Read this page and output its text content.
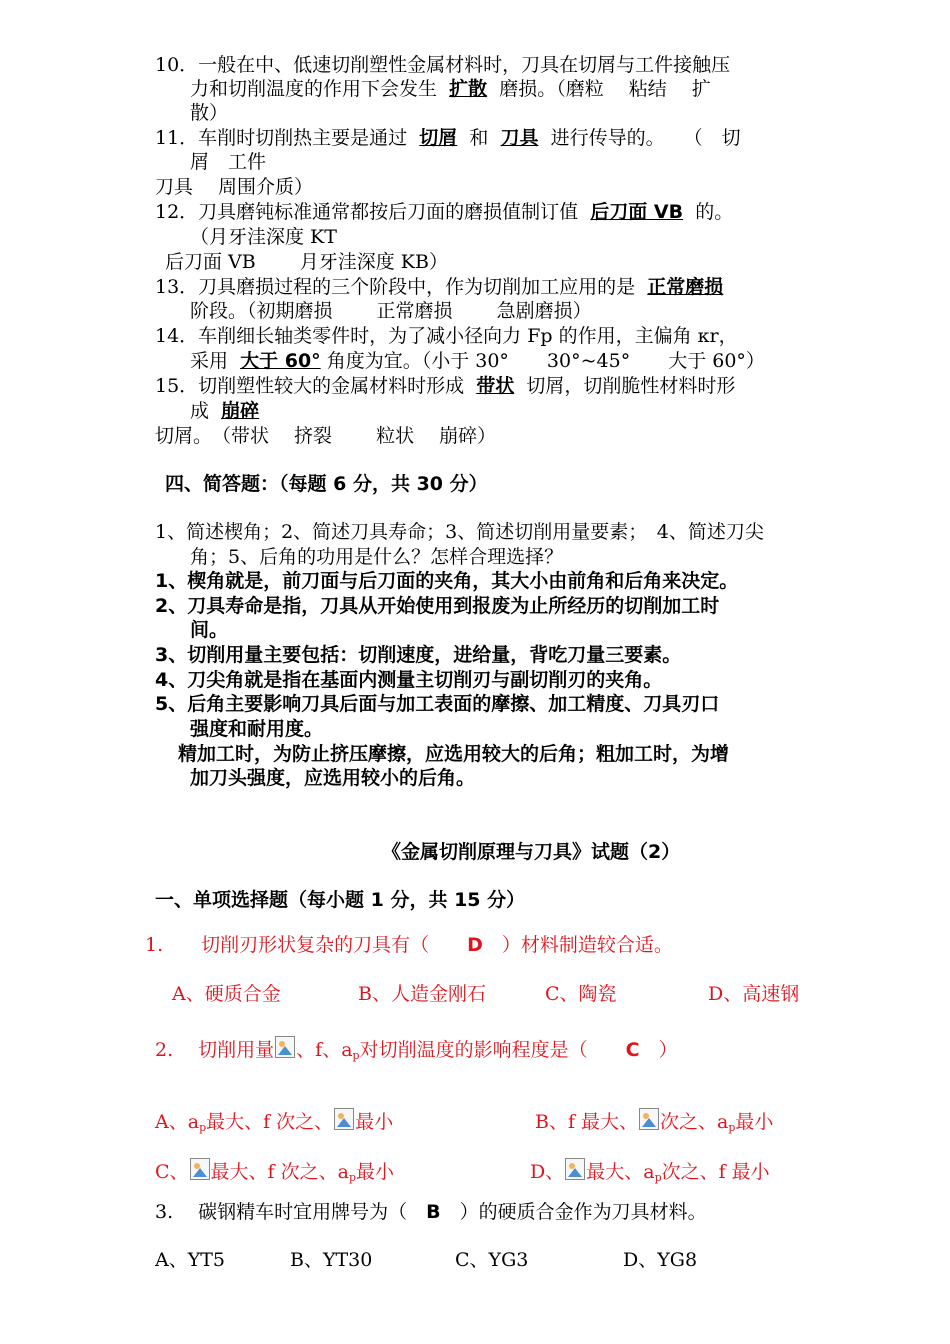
10．一般在中、低速切削塑性金属材料时，刀具在切屑与工件接触压
力和切削温度的作用下会发生 扩散 磨损。（磨粒　 粘结　 扩
散）
11．车削时切削热主要是通过 切屑 和 刀具 进行传导的。　　（　切
屑　工件
刀具　 周围介质）
12．刀具磨钝标准通常都按后刀面的磨损值制订值 后刀面 VB 的。
（月牙洼深度 KT
后刀面 VB　　 月牙洼深度 KB）
13．刀具磨损过程的三个阶段中，作为切削加工应用的是 正常磨损
阶段。（初期磨损　　 正常磨损　　 急剧磨损）
14．车削细长轴类零件时，为了减小径向力 Fp 的作用，主偏角 κr，
采用 大于 60° 角度为宜。（小于 30°　　30°~45°　　大于 60°）
15．切削塑性较大的金属材料时形成 带状 切屑，切削脆性材料时形
成 崩碎
切屑。　（带状　 挤裂　　 粒状　 崩碎）
四、简答题：（每题 6 分，共 30 分）
1、简述楔角；2、简述刀具寿命；3、简述切削用量要素；　4、简述刀尖
角；5、后角的功用是什么？怎样合理选择？
1、楔角就是，前刀面与后刀面的夹角，其大小由前角和后角来决定。
2、刀具寿命是指，刀具从开始使用到报废为止所经历的切削加工时
间。
3、切削用量主要包括：切削速度，进给量，背吃刀量三要素。
4、刀尖角就是指在基面内测量主切削刃与副切削刃的夹角。
5、后角主要影响刀具后面与加工表面的摩擦、加工精度、刀具刃口
强度和耐用度。
精加工时，为防止挤压摩擦，应选用较大的后角；粗加工时，为增
加刀头强度，应选用较小的后角。
《金属切削原理与刀具》试题（2）
一、单项选择题（每小题 1 分，共 15 分）
1.　　切削刃形状复杂的刀具有（　　D　）材料制造较合适。
A、硬质合金	B、人造金刚石	C、陶瓷	D、高速钢
2.　 切削用量 、f、$a_p$对切削温度的影响程度是（　　C　）
A、$a_p$最大、f 次之、 最小	B、f 最大、 次之、$a_p$最小
C、 最大、f 次之、$a_p$最小	D、 最大、$a_p$次之、f 最小
3.　 碳钢精车时宜用牌号为（　B　）的硬质合金作为刀具材料。
A、YT5	B、YT30	C、YG3	D、YG8
